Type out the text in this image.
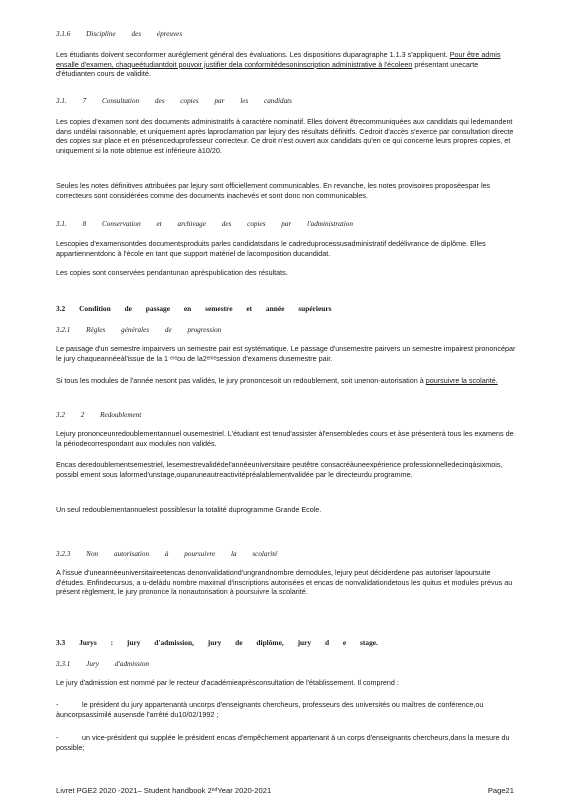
3.1.6 Discipline des épreuves
Les étudiants doivent seconformer auréglement général des évaluations. Les dispositions duparagraphe 1.1.3 s'appliquent. Pour être admis ensalle d'examen, chaqueétudiantdoit pouvoir justifier dela conformitédesoninscription administrative à l'écoleen présentant unecarte d'étudianten cours de validité.
3.1. 7 Consultation des copies par les candidats
Les copies d'examen sont des documents administratifs à caractère nominatif. Elles doivent êtrecommuniquées aux candidats qui ledemandent dans undélai raisonnable, et uniquement après laproclamation par lejury des résultats définitfs. Cedroit d'accès s'exerce par consultation directe des copies sur place et en présenceduprofesseur correcteur. Ce droit n'est ouvert aux candidats qu'en ce qui concerne leurs propres copies, et uniquement si la note obtenue est inférieure à10/20.
Seules les notes définitives attribuées par lejury sont officiellement communicables. En revanche, les notes provisoires proposéespar les correcteurs sont considérées comme des documents inachevés et sont donc non communicables.
3.1. 8 Conservation et archivage des copies par l'administration
Lescopies d'examensontdes documentsproduits parles candidatsdans le cadreduprocessusadministratif dedélivrance de diplôme. Elles appartiennentdonc à l'école en tant que support matériel de lacomposition ducandidat.
Les copies sont conservées pendantunan aprèspublication des résultats.
3.2 Condition de passage en semestre et année supérieurs
3.2.1 Règles générales de progression
Le passage d'un semestre impairvers un semestre pair est systématique. Le passage d'unsemestre pairvers un semestre impairest prononcépar le jury chaqueannéeàl'issue de la 1 ᵉʳᵉou de la2ᵉᵐᵉsession d'examens dusemestre pair.
Si tous les modules de l'année nesont pas validés, le jury prononcesoit un redoublement, soit unenon-autorisation à poursuivre la scolarité.
3.2 2 Redoublement
Lejury prononceunredoublementannuel ousemestriel. L'étudiant est tenud'assister àl'ensembledes cours et àse présenterà tous les examens de la périodecorrespondant aux modules non validés.
Encas deredoublementsemestriel, lesemestrevalidédel'annéeuniversitaire peutêtre consacréàuneexpérience professionnelledecinqàsixmois, possibl ement sous laformed'unstage,ouparuneautreactivitépréalablementvalidée par le directeurdu programme.
Un seul redoublementannuelest possiblesur la totalité duprogramme Grande Ecole.
3.2.3 Non autorisation à poursuivre la scolarité
A l'issue d'uneannéeuniversitaireetencas denonvalidationd'ungrandnombre demodules, lejury peut déciderdene pas autoriser lapoursuite d'études. Enfindecursus, a u-delàdu nombre maximal d'inscriptions autorisées et encas de nonvalidationdetous les quitus et modules prévus au présent règlement, le jury prononce la nonautorisation à poursuivre la scolarité.
3.3 Jurys : jury d'admission, jury de diplôme, jury d e stage.
3.3.1 Jury d'admission
Le jury d'admission est nommé par le recteur d'académieaprèsconsultation de l'établissement. Il comprend :
-	le président du jury appartenantà uncorps d'enseignants chercheurs, professeurs des universités ou maîtres de conférence,ou àuncorpsassimilé ausensde l'arrêté du10/02/1992 ;
-	un vice-président qui supplée le président encas d'empêchement appartenant à un corps d'enseignants chercheurs,dans la mesure du possible;
Livret PGE2 2020 -2021– Student handbook 2ⁿᵈYear 2020-2021	Page21
